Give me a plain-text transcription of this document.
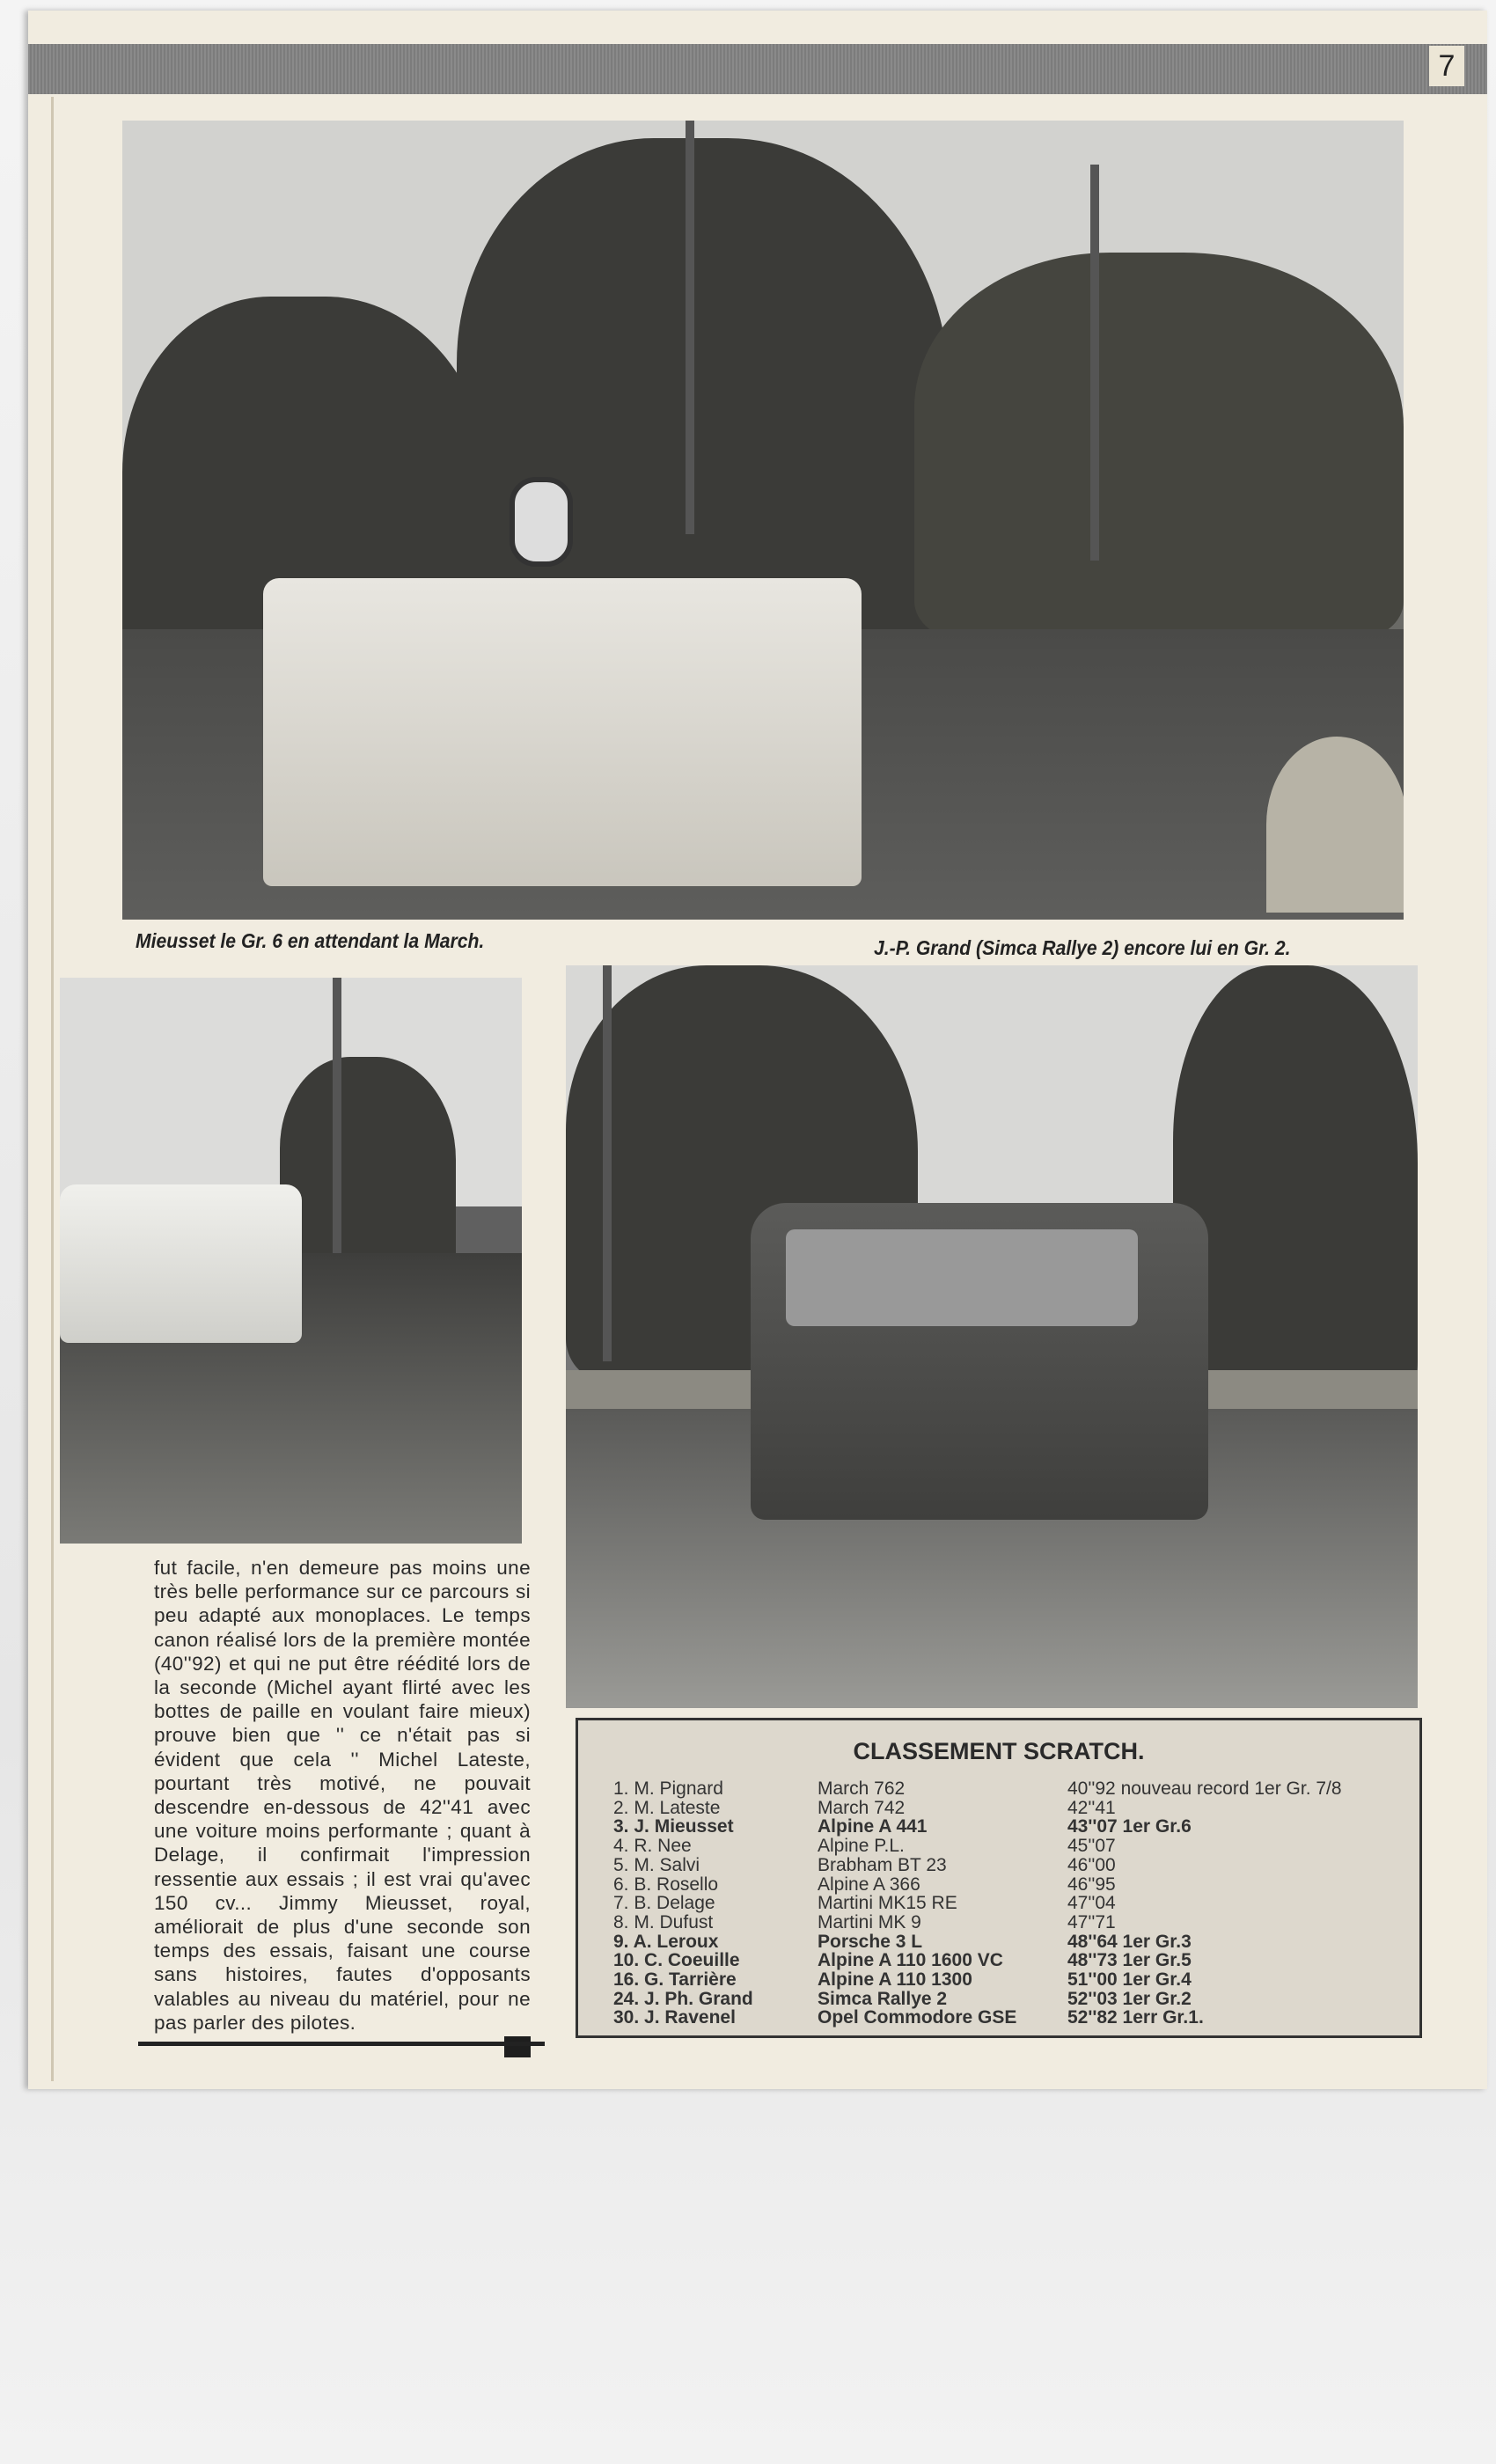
7
Mieusset le Gr. 6 en attendant la March.	J.-P. Grand (Simca Rallye 2) encore lui en Gr. 2.
fut facile, n'en demeure pas moins une très belle performance sur ce parcours si peu adapté aux monoplaces. Le temps canon réalisé lors de la première montée (40''92) et qui ne put être réédité lors de la seconde (Michel ayant flirté avec les bottes de paille en voulant faire mieux) prouve bien que '' ce n'était pas si évident que cela '' Michel Lateste, pourtant très motivé, ne pouvait descendre en-dessous de 42''41 avec une voiture moins performante ; quant à Delage, il confirmait l'impression ressentie aux essais ; il est vrai qu'avec 150 cv... Jimmy Mieusset, royal, améliorait de plus d'une seconde son temps des essais, faisant une course sans histoires, fautes d'opposants valables au niveau du matériel, pour ne pas parler des pilotes.
CLASSEMENT SCRATCH.
1. M. Pignard	March 762	40''92 nouveau record 1er Gr. 7/8
2. M. Lateste	March 742	42''41
3. J. Mieusset	Alpine A 441	43''07 1er Gr.6
4. R. Nee	Alpine P.L.	45''07
5. M. Salvi	Brabham BT 23	46''00
6. B. Rosello	Alpine A 366	46''95
7. B. Delage	Martini MK15 RE	47''04
8. M. Dufust	Martini MK 9	47''71
9. A. Leroux	Porsche 3 L	48''64 1er Gr.3
10. C. Coeuille	Alpine A 110 1600 VC	48''73 1er Gr.5
16. G. Tarrière	Alpine A 110 1300	51''00 1er Gr.4
24. J. Ph. Grand	Simca Rallye 2	52''03 1er Gr.2
30. J. Ravenel	Opel Commodore GSE	52''82 1err Gr.1.
